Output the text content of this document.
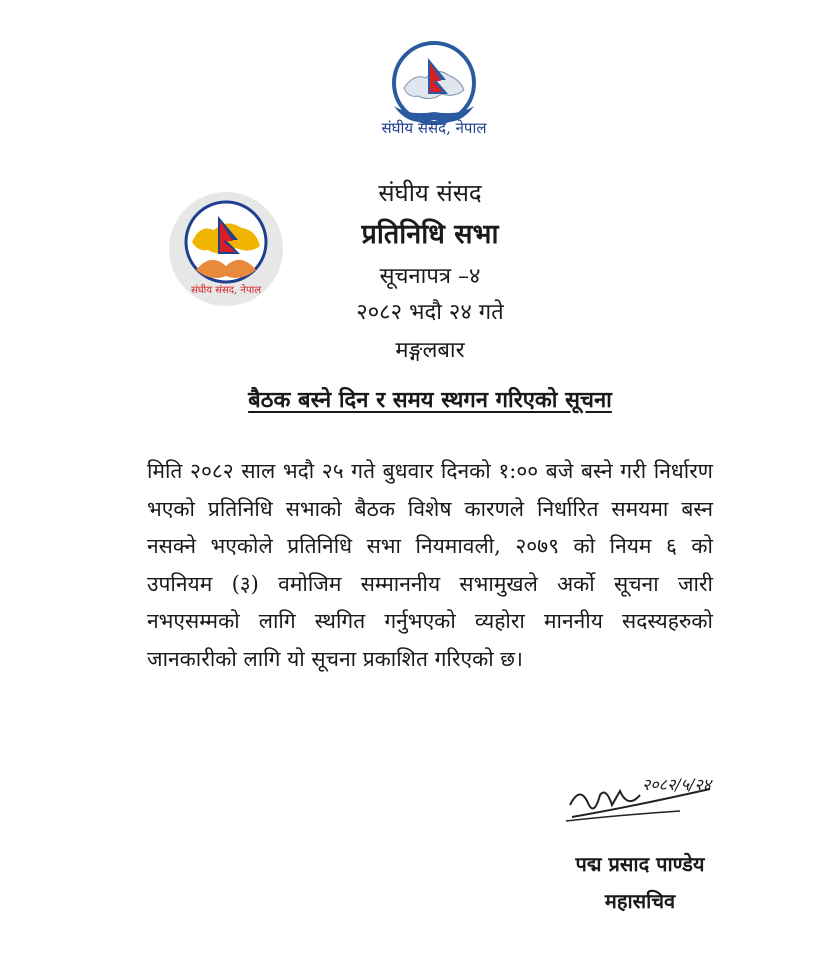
संघीय संसद, नेपाल
संघीय संसद, नेपाल
संघीय संसद
प्रतिनिधि सभा
सूचनापत्र –४
२०८२ भदौ २४ गते
मङ्गलबार
बैठक बस्ने दिन र समय स्थगन गरिएको सूचना
मिति २०८२ साल भदौ २५ गते बुधवार दिनको १:०० बजे बस्ने गरी निर्धारण भएको प्रतिनिधि सभाको बैठक विशेष कारणले निर्धारित समयमा बस्न नसक्ने भएकोले प्रतिनिधि सभा नियमावली, २०७९ को नियम ६ को उपनियम (३) वमोजिम सम्माननीय सभामुखले अर्को सूचना जारी नभएसम्मको लागि स्थगित गर्नुभएको व्यहोरा माननीय सदस्यहरुको जानकारीको लागि यो सूचना प्रकाशित गरिएको छ।
२०८२/५/२४
पद्म प्रसाद पाण्डेय
महासचिव
